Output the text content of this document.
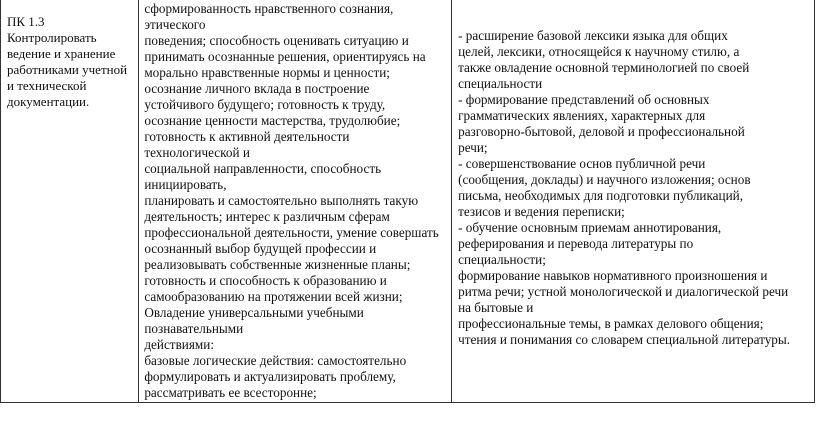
ПК 1.3
Контролировать
ведение и хранение
работниками учетной
и технической
документации.

сформированность нравственного сознания,
этического
поведения; способность оценивать ситуацию и
принимать осознанные решения, ориентируясь на
морально нравственные нормы и ценности;
осознание личного вклада в построение
устойчивого будущего; готовность к труду,
осознание ценности мастерства, трудолюбие;
готовность к активной деятельности
технологической и
социальной направленности, способность
инициировать,
планировать и самостоятельно выполнять такую
деятельность; интерес к различным сферам
профессиональной деятельности, умение совершать
осознанный выбор будущей профессии и
реализовывать собственные жизненные планы;
готовность и способность к образованию и
самообразованию на протяжении всей жизни;
Овладение универсальными учебными
познавательными
действиями:
базовые логические действия: самостоятельно
формулировать и актуализировать проблему,
рассматривать ее всесторонне;

- расширение базовой лексики языка для общих
целей, лексики, относящейся к научному стилю, а
также овладение основной терминологией по своей
специальности
- формирование представлений об основных
грамматических явлениях, характерных для
разговорно-бытовой, деловой и профессиональной
речи;
- совершенствование основ публичной речи
(сообщения, доклады) и научного изложения; основ
письма, необходимых для подготовки публикаций,
тезисов и ведения переписки;
- обучение основным приемам аннотирования,
реферирования и перевода литературы по
специальности;
формирование навыков нормативного произношения и
ритма речи; устной монологической и диалогической речи
на бытовые и
профессиональные темы, в рамках делового общения;
чтения и понимания со словарем специальной литературы.
